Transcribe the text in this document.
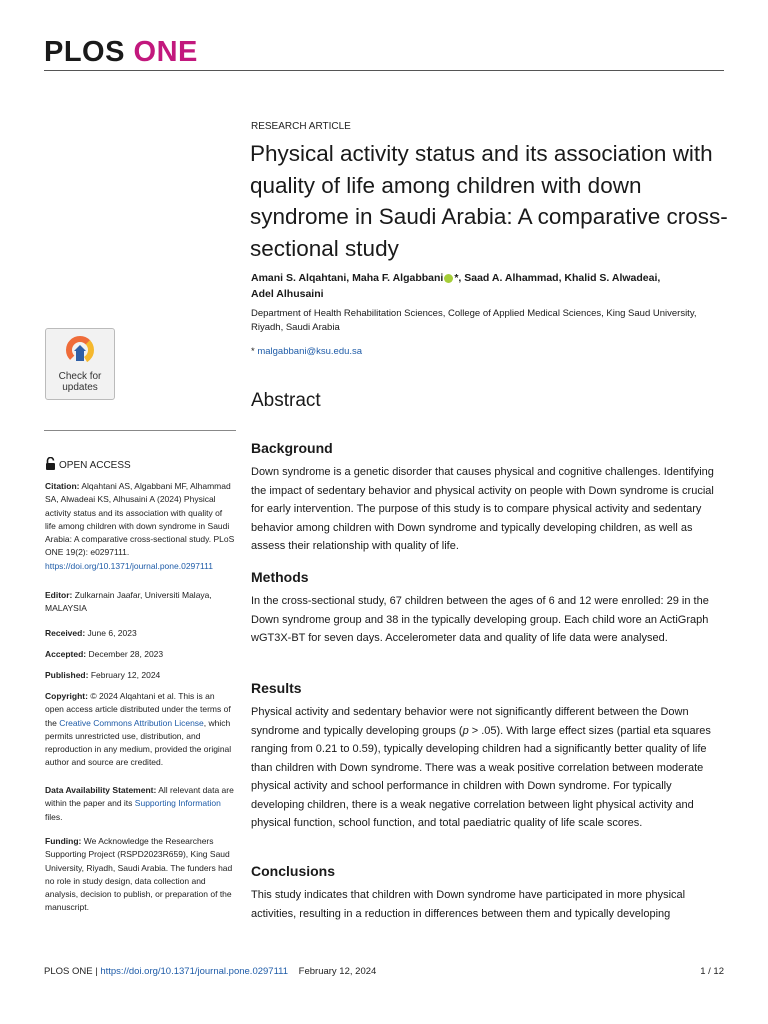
PLOS ONE
RESEARCH ARTICLE
Physical activity status and its association with quality of life among children with down syndrome in Saudi Arabia: A comparative cross-sectional study

Amani S. Alqahtani, Maha F. Algabbani *, Saad A. Alhammad, Khalid S. Alwadeai,
Adel Alhusaini

Department of Health Rehabilitation Sciences, College of Applied Medical Sciences, King Saud University, Riyadh, Saudi Arabia

* malgabbani@ksu.edu.sa
Check for
updates
Abstract
OPEN ACCESS

Citation: Alqahtani AS, Algabbani MF, Alhammad SA, Alwadeai KS, Alhusaini A (2024) Physical activity status and its association with quality of life among children with down syndrome in Saudi Arabia: A comparative cross-sectional study. PLoS ONE 19(2): e0297111. https://doi.org/10.1371/journal.pone.0297111

Editor: Zulkarnain Jaafar, Universiti Malaya, MALAYSIA

Received: June 6, 2023

Accepted: December 28, 2023

Published: February 12, 2024

Copyright: © 2024 Alqahtani et al. This is an open access article distributed under the terms of the Creative Commons Attribution License, which permits unrestricted use, distribution, and reproduction in any medium, provided the original author and source are credited.

Data Availability Statement: All relevant data are within the paper and its Supporting Information files.

Funding: We Acknowledge the Researchers Supporting Project (RSPD2023R659), King Saud University, Riyadh, Saudi Arabia. The funders had no role in study design, data collection and analysis, decision to publish, or preparation of the manuscript.

Background

Down syndrome is a genetic disorder that causes physical and cognitive challenges. Identifying the impact of sedentary behavior and physical activity on people with Down syndrome is crucial for early intervention. The purpose of this study is to compare physical activity and sedentary behavior among children with Down syndrome and typically developing children, as well as assess their relationship with quality of life.

Methods

In the cross-sectional study, 67 children between the ages of 6 and 12 were enrolled: 29 in the Down syndrome group and 38 in the typically developing group. Each child wore an ActiGraph wGT3X-BT for seven days. Accelerometer data and quality of life data were analysed.

Results

Physical activity and sedentary behavior were not significantly different between the Down syndrome and typically developing groups (p > .05). With large effect sizes (partial eta squares ranging from 0.21 to 0.59), typically developing children had a significantly better quality of life than children with Down syndrome. There was a weak positive correlation between moderate physical activity and school performance in children with Down syndrome. For typically developing children, there is a weak negative correlation between light physical activity and physical function, school function, and total paediatric quality of life scale scores.

Conclusions

This study indicates that children with Down syndrome have participated in more physical activities, resulting in a reduction in differences between them and typically developing

PLOS ONE | https://doi.org/10.1371/journal.pone.0297111 February 12, 2024	1 / 12
